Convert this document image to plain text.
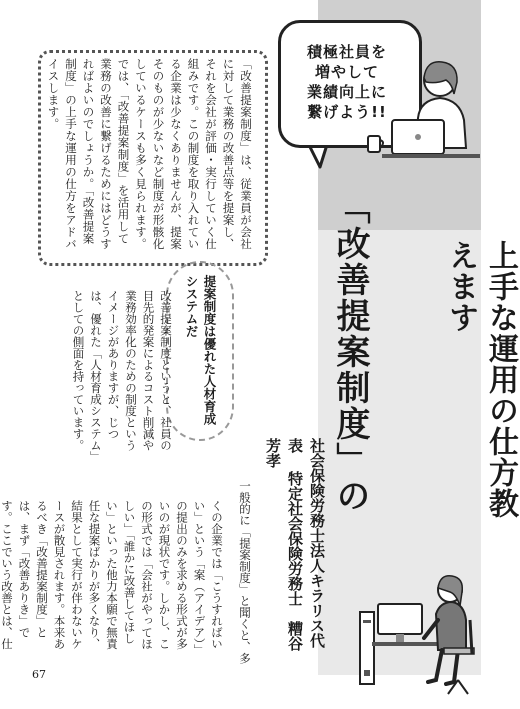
積極社員を
増やして
業績向上に
繋げよう!!
「改善提案制度」の	上手な運用の仕方教えます
社会保険労務士法人キラリス代表 特定社会保険労務士　糟谷芳孝
「改善提案制度」は、従業員が会社に対して業務の改善点等を提案し、それを会社が評価・実行していく仕組みです。この制度を取り入れている企業は少なくありませんが、提案そのものが少ないなど制度が形骸化しているケースも多く見られます。では、「改善提案制度」を活用して業務の改善に繋げるためにはどうすればよいのでしょうか。「改善提案制度」の上手な運用の仕方をアドバイスします。
提案制度は優れた人材育成システムだ
改善提案制度というと、社員の目先的発案によるコスト削減や業務効率化のための制度というイメージがありますが、じつは、優れた「人材育成システム」としての側面を持っています。
くの企業では「こうすればいい」という「案（アイデア）」の提出のみを求める形式が多いのが現状です。しかし、この形式では「会社がやってほしい」「誰かに改善してほしい」といった他力本願で無責任な提案ばかりが多くなり、結果として実行が伴わないケースが散見されます。本来あるべき「改善提案制度」とは、まず「改善ありき」です。ここでいう改善とは、仕	一般的に「提案制度」と聞くと、多
67
